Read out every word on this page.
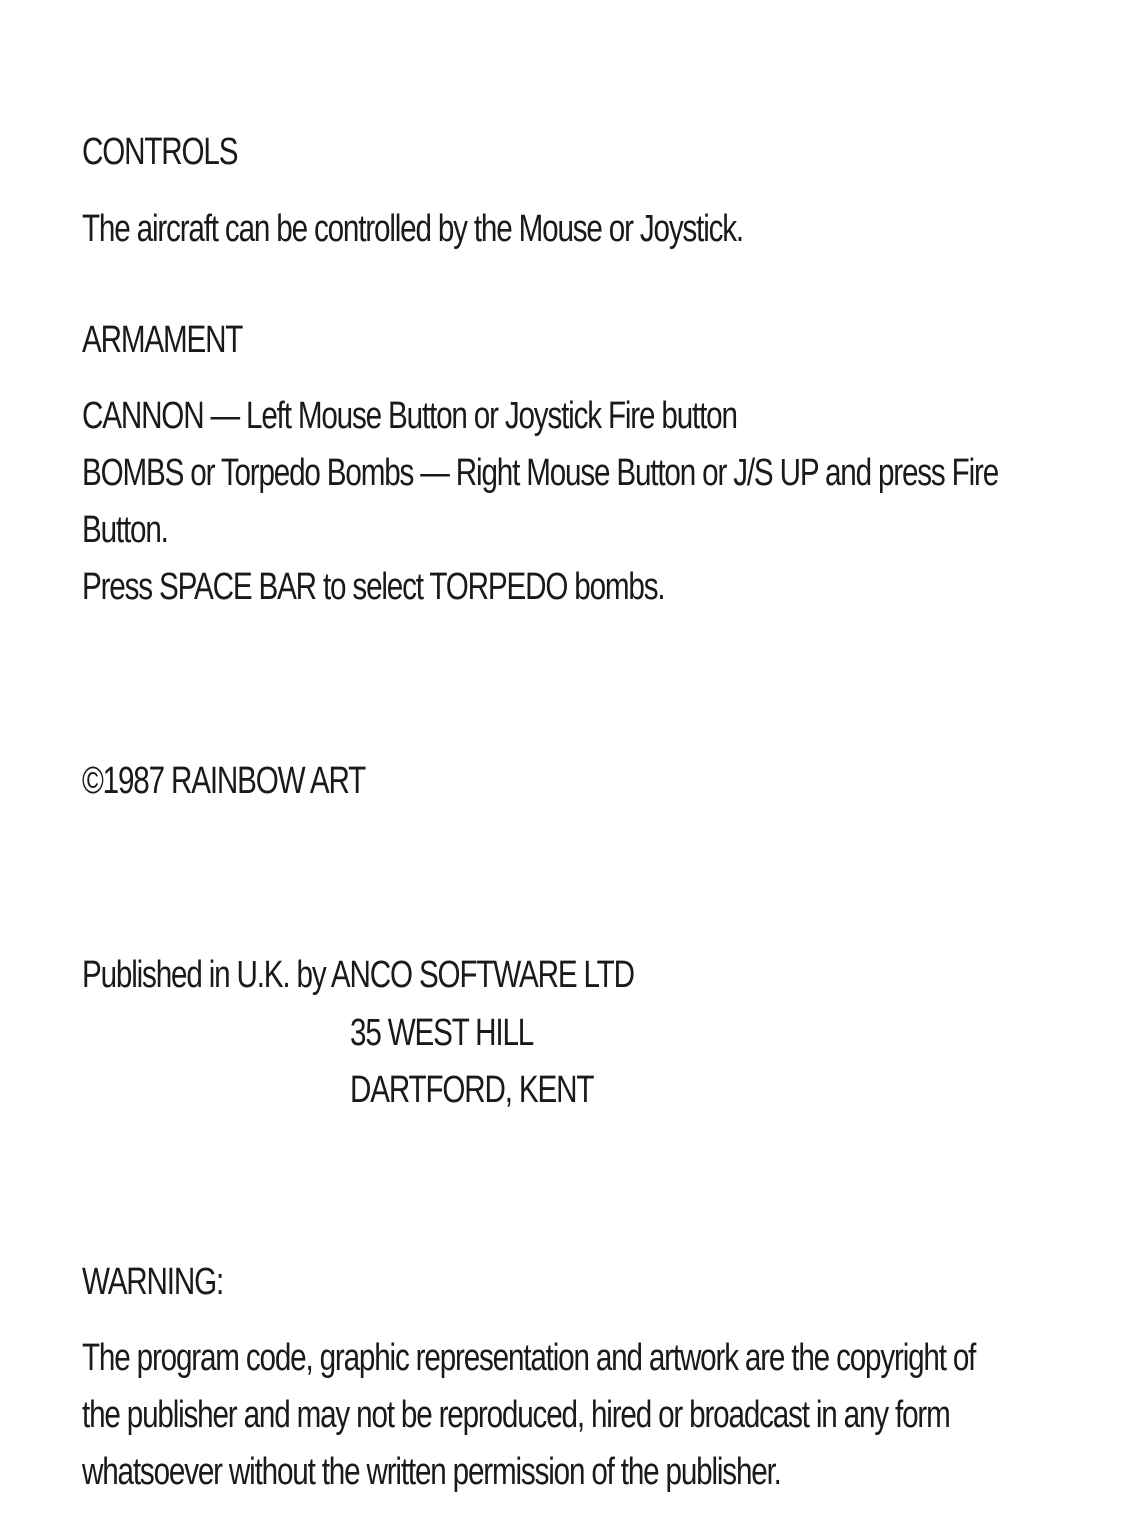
CONTROLS
The aircraft can be controlled by the Mouse or Joystick.
ARMAMENT
CANNON — Left Mouse Button or Joystick Fire button
BOMBS or Torpedo Bombs — Right Mouse Button or J/S UP and press Fire
Button.
Press SPACE BAR to select TORPEDO bombs.
©1987 RAINBOW ART
Published in U.K. by ANCO SOFTWARE LTD
35 WEST HILL
DARTFORD, KENT
WARNING:
The program code, graphic representation and artwork are the copyright of
the publisher and may not be reproduced, hired or broadcast in any form
whatsoever without the written permission of the publisher.
